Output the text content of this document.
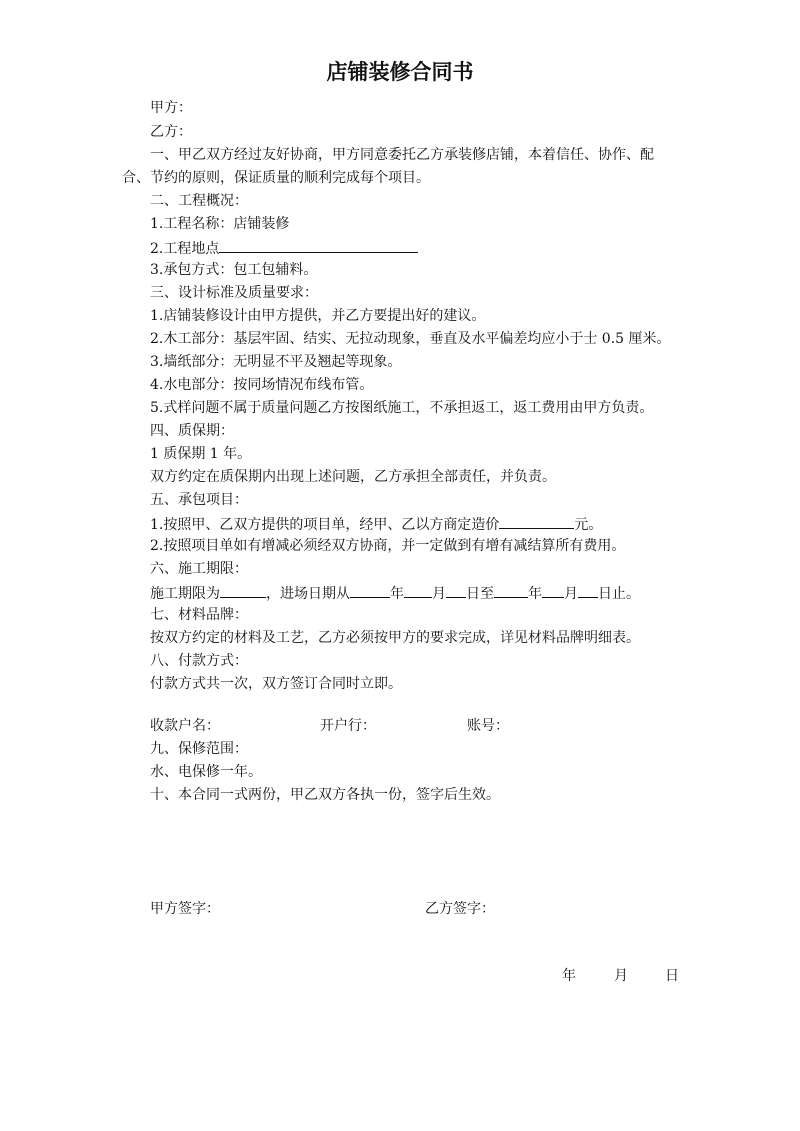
店铺装修合同书
甲方：
乙方：
一、甲乙双方经过友好协商，甲方同意委托乙方承装修店铺，本着信任、协作、配
合、节约的原则，保证质量的顺利完成每个项目。
二、工程概况：
1.工程名称：店铺装修
2.工程地点
3.承包方式：包工包辅料。
三、设计标准及质量要求：
1.店铺装修设计由甲方提供，并乙方要提出好的建议。
2.木工部分：基层牢固、结实、无拉动现象，垂直及水平偏差均应小于士 0.5 厘米。
3.墙纸部分：无明显不平及翘起等现象。
4.水电部分：按同场情况布线布管。
5.式样问题不属于质量问题乙方按图纸施工，不承担返工，返工费用由甲方负责。
四、质保期：
1 质保期 1 年。
双方约定在质保期内出现上述问题，乙方承担全部责任，并负责。
五、承包项目：
1.按照甲、乙双方提供的项目单，经甲、乙以方商定造价	元。
2.按照项目单如有增减必须经双方协商，并一定做到有增有减结算所有费用。
六、施工期限：
施工期限为	，进场日期从	年 月 日至 年 月 日止。
七、材料品牌：
按双方约定的材料及工艺，乙方必须按甲方的要求完成，详见材料品牌明细表。
八、付款方式：
付款方式共一次，双方签订合同时立即。
收款户名：	开户行：	账号：
九、保修范围：
水、电保修一年。
十、本合同一式两份，甲乙双方各执一份，签字后生效。
甲方签字：	乙方签字：
年	月	日
